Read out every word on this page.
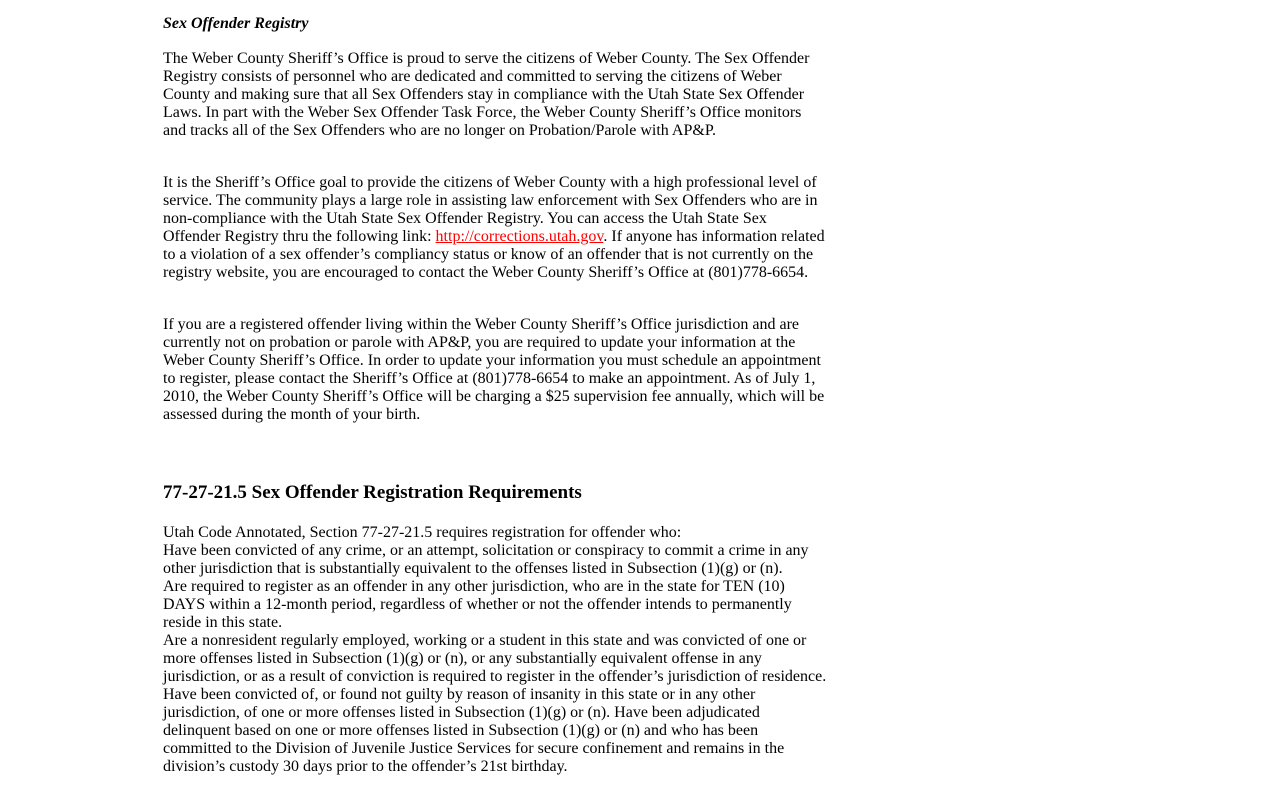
Sex Offender Registry

The Weber County Sheriff’s Office is proud to serve the citizens of Weber County. The Sex Offender Registry consists of personnel who are dedicated and committed to serving the citizens of Weber County and making sure that all Sex Offenders stay in compliance with the Utah State Sex Offender Laws. In part with the Weber Sex Offender Task Force, the Weber County Sheriff’s Office monitors and tracks all of the Sex Offenders who are no longer on Probation/Parole with AP&P.

It is the Sheriff’s Office goal to provide the citizens of Weber County with a high professional level of service. The community plays a large role in assisting law enforcement with Sex Offenders who are in non-compliance with the Utah State Sex Offender Registry. You can access the Utah State Sex Offender Registry thru the following link: http://corrections.utah.gov. If anyone has information related to a violation of a sex offender’s compliancy status or know of an offender that is not currently on the registry website, you are encouraged to contact the Weber County Sheriff’s Office at (801)778-6654.

If you are a registered offender living within the Weber County Sheriff’s Office jurisdiction and are currently not on probation or parole with AP&P, you are required to update your information at the Weber County Sheriff’s Office. In order to update your information you must schedule an appointment to register, please contact the Sheriff’s Office at (801)778-6654 to make an appointment. As of July 1, 2010, the Weber County Sheriff’s Office will be charging a $25 supervision fee annually, which will be assessed during the month of your birth.

77-27-21.5 Sex Offender Registration Requirements
Utah Code Annotated, Section 77-27-21.5 requires registration for offender who:
Have been convicted of any crime, or an attempt, solicitation or conspiracy to commit a crime in any other jurisdiction that is substantially equivalent to the offenses listed in Subsection (1)(g) or (n).
Are required to register as an offender in any other jurisdiction, who are in the state for TEN (10) DAYS within a 12-month period, regardless of whether or not the offender intends to permanently reside in this state.
Are a nonresident regularly employed, working or a student in this state and was convicted of one or more offenses listed in Subsection (1)(g) or (n), or any substantially equivalent offense in any jurisdiction, or as a result of conviction is required to register in the offender’s jurisdiction of residence.
Have been convicted of, or found not guilty by reason of insanity in this state or in any other jurisdiction, of one or more offenses listed in Subsection (1)(g) or (n). Have been adjudicated delinquent based on one or more offenses listed in Subsection (1)(g) or (n) and who has been committed to the Division of Juvenile Justice Services for secure confinement and remains in the division’s custody 30 days prior to the offender’s 21st birthday.
